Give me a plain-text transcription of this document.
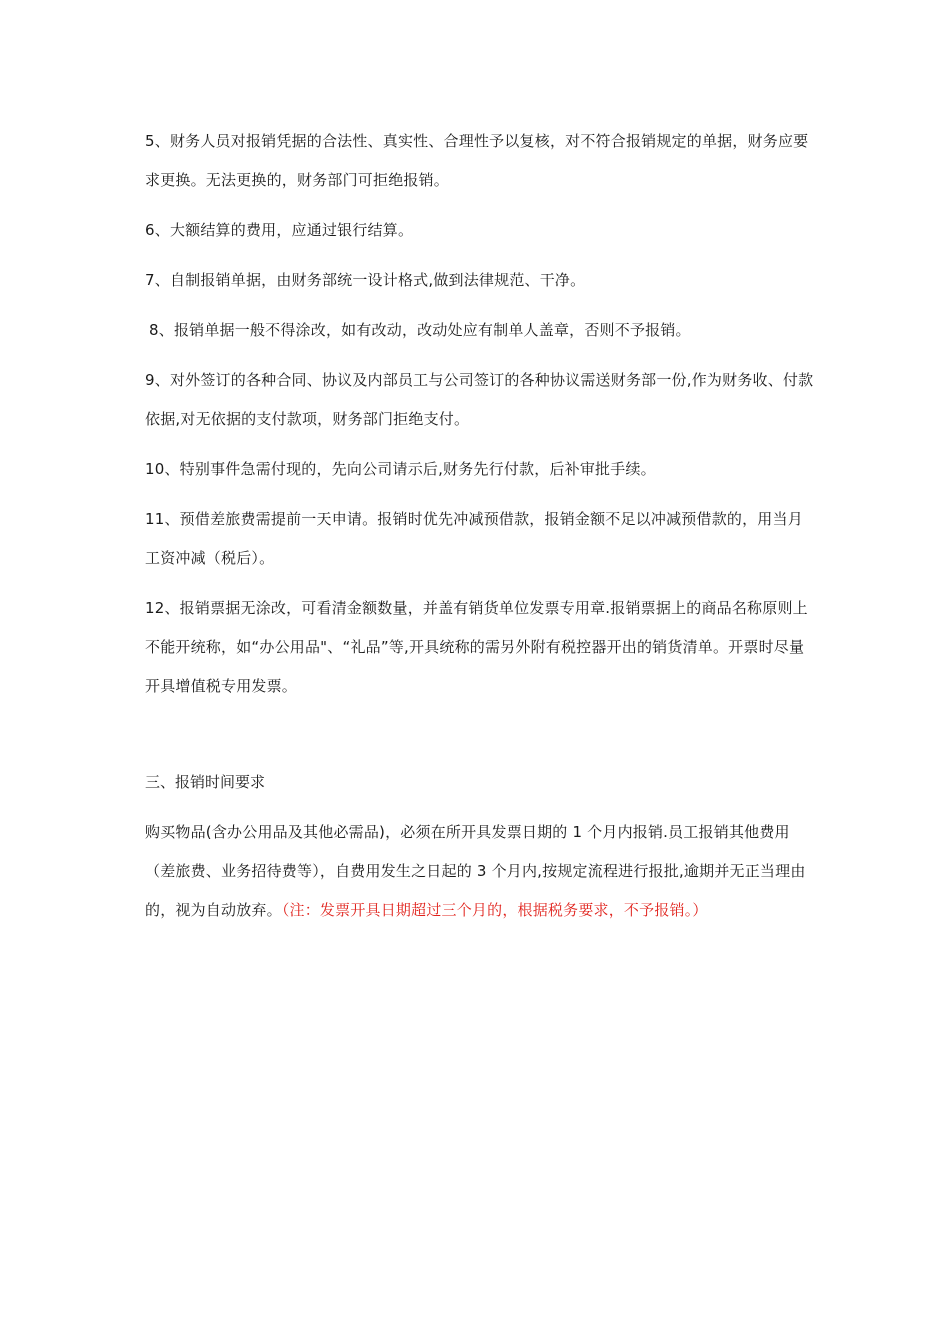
5、财务人员对报销凭据的合法性、真实性、合理性予以复核，对不符合报销规定的单据，财务应要求更换。无法更换的，财务部门可拒绝报销。

6、大额结算的费用，应通过银行结算。

7、自制报销单据，由财务部统一设计格式,做到法律规范、干净。

8、报销单据一般不得涂改，如有改动，改动处应有制单人盖章，否则不予报销。

9、对外签订的各种合同、协议及内部员工与公司签订的各种协议需送财务部一份,作为财务收、付款依据,对无依据的支付款项，财务部门拒绝支付。

10、特别事件急需付现的，先向公司请示后,财务先行付款，后补审批手续。

11、预借差旅费需提前一天申请。报销时优先冲减预借款，报销金额不足以冲减预借款的，用当月工资冲减（税后）。

12、报销票据无涂改，可看清金额数量，并盖有销货单位发票专用章.报销票据上的商品名称原则上不能开统称，如“办公用品"、“礼品”等,开具统称的需另外附有税控器开出的销货清单。开票时尽量开具增值税专用发票。

三、报销时间要求

购买物品(含办公用品及其他必需品)，必须在所开具发票日期的 1 个月内报销.员工报销其他费用（差旅费、业务招待费等），自费用发生之日起的 3 个月内,按规定流程进行报批,逾期并无正当理由的，视为自动放弃。（注：发票开具日期超过三个月的，根据税务要求，不予报销。）
